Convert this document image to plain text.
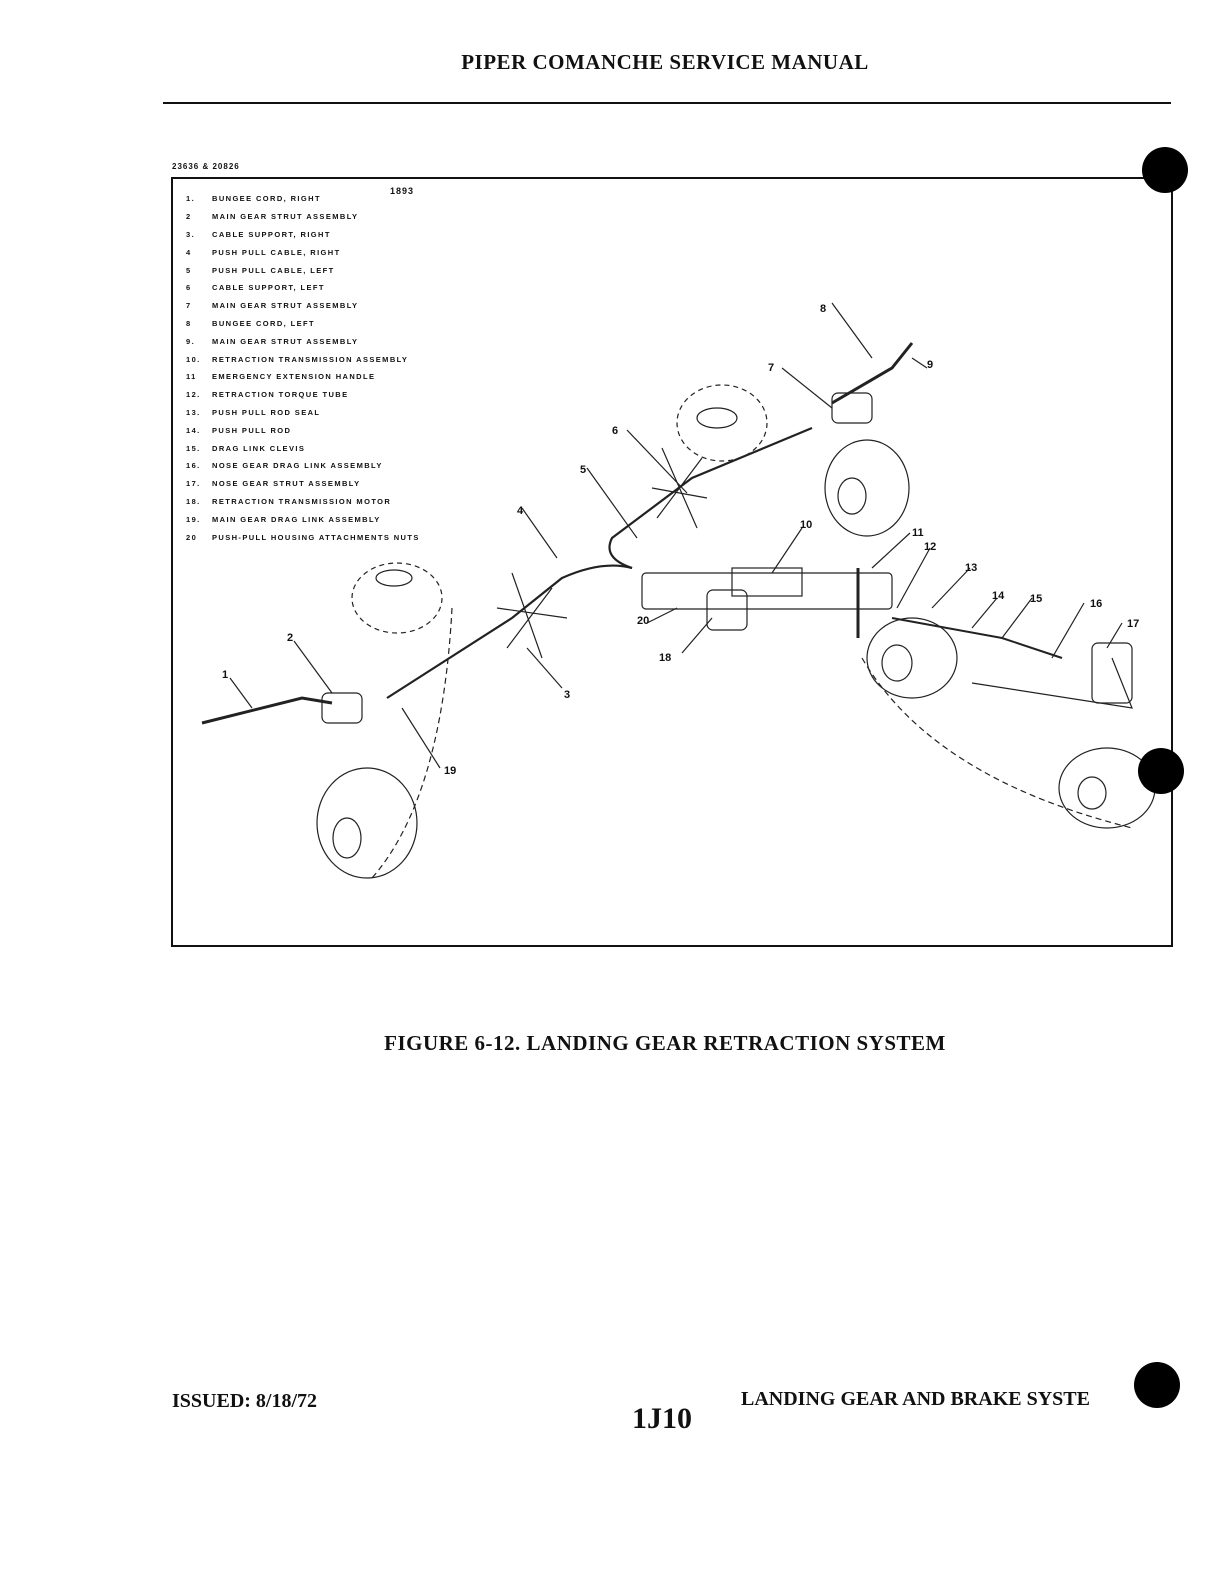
PIPER COMANCHE SERVICE MANUAL
23636 & 20826
1
2
3
4
5
6
7
8
9
10
11
12
13
14 15	16
17
18
19
20
1893
1.	BUNGEE CORD, RIGHT
2	MAIN GEAR STRUT ASSEMBLY
3.	CABLE SUPPORT, RIGHT
4	PUSH PULL CABLE, RIGHT
5	PUSH PULL CABLE, LEFT
6	CABLE SUPPORT, LEFT
7	MAIN GEAR STRUT ASSEMBLY
8	BUNGEE CORD, LEFT
9.	MAIN GEAR STRUT ASSEMBLY
10.	RETRACTION TRANSMISSION ASSEMBLY
11	EMERGENCY EXTENSION HANDLE
12.	RETRACTION TORQUE TUBE
13.	PUSH PULL ROD SEAL
14.	PUSH PULL ROD
15.	DRAG LINK CLEVIS
16.	NOSE GEAR DRAG LINK ASSEMBLY
17.	NOSE GEAR STRUT ASSEMBLY
18.	RETRACTION TRANSMISSION MOTOR
19.	MAIN GEAR DRAG LINK ASSEMBLY
20	PUSH-PULL HOUSING ATTACHMENTS NUTS
FIGURE 6-12. LANDING GEAR RETRACTION SYSTEM
ISSUED: 8/18/72
1J10
LANDING GEAR AND BRAKE SYSTE
